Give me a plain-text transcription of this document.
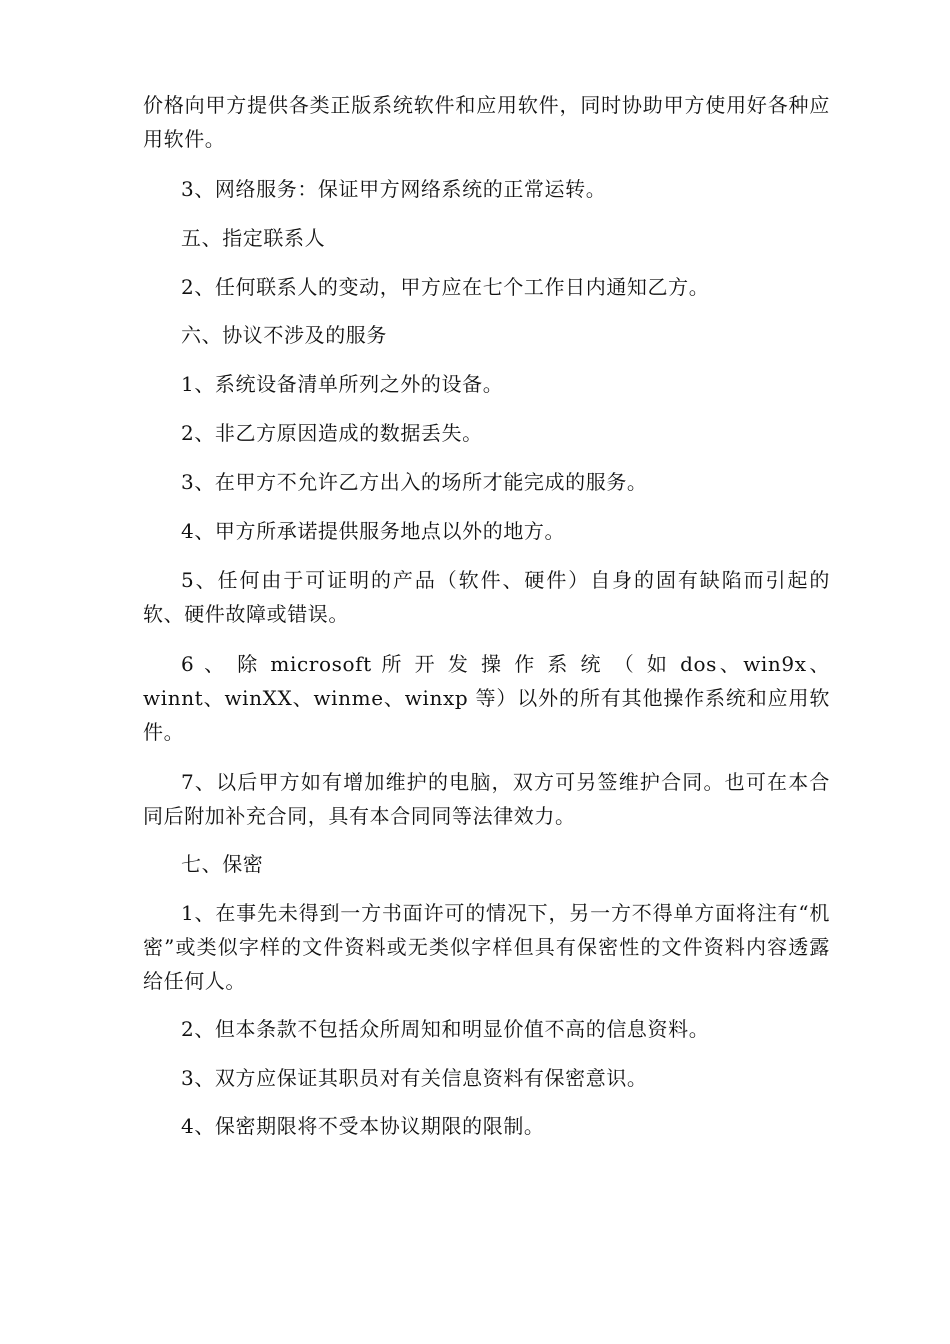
价格向甲方提供各类正版系统软件和应用软件，同时协助甲方使用好各种应用软件。

3、网络服务：保证甲方网络系统的正常运转。

五、指定联系人

2、任何联系人的变动，甲方应在七个工作日内通知乙方。

六、协议不涉及的服务

1、系统设备清单所列之外的设备。

2、非乙方原因造成的数据丢失。

3、在甲方不允许乙方出入的场所才能完成的服务。

4、甲方所承诺提供服务地点以外的地方。

5、任何由于可证明的产品（软件、硬件）自身的固有缺陷而引起的软、硬件故障或错误。

6 、 除 microsoft 所 开 发 操 作 系 统 （ 如 dos、win9x、winnt、winXX、winme、winxp 等）以外的所有其他操作系统和应用软件。

7、以后甲方如有增加维护的电脑，双方可另签维护合同。也可在本合同后附加补充合同，具有本合同同等法律效力。

七、保密

1、在事先未得到一方书面许可的情况下，另一方不得单方面将注有“机密”或类似字样的文件资料或无类似字样但具有保密性的文件资料内容透露给任何人。

2、但本条款不包括众所周知和明显价值不高的信息资料。

3、双方应保证其职员对有关信息资料有保密意识。

4、保密期限将不受本协议期限的限制。
